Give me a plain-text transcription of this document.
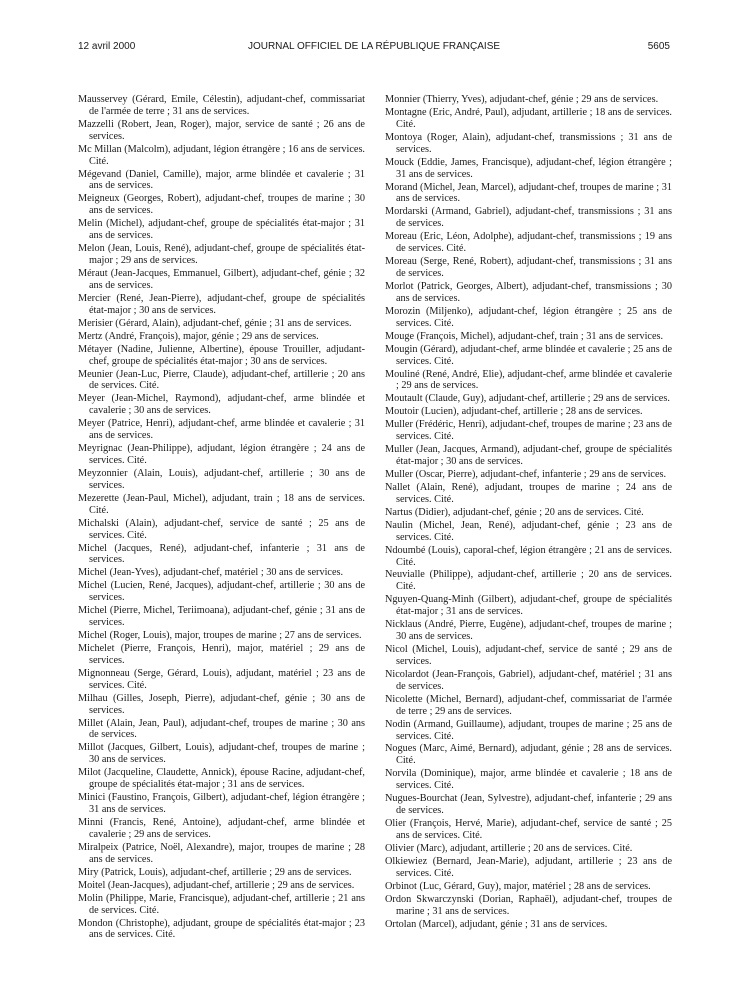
12 avril 2000	JOURNAL OFFICIEL DE LA RÉPUBLIQUE FRANÇAISE	5605

Mausservey (Gérard, Emile, Célestin), adjudant-chef, commissariat de l'armée de terre ; 31 ans de services.

Mazzelli (Robert, Jean, Roger), major, service de santé ; 26 ans de services.

Mc Millan (Malcolm), adjudant, légion étrangère ; 16 ans de services. Cité.

Mégevand (Daniel, Camille), major, arme blindée et cavalerie ; 31 ans de services.

Meigneux (Georges, Robert), adjudant-chef, troupes de marine ; 30 ans de services.

Melin (Michel), adjudant-chef, groupe de spécialités état-major ; 31 ans de services.

Melon (Jean, Louis, René), adjudant-chef, groupe de spécialités état-major ; 29 ans de services.

Méraut (Jean-Jacques, Emmanuel, Gilbert), adjudant-chef, génie ; 32 ans de services.

Mercier (René, Jean-Pierre), adjudant-chef, groupe de spécialités état-major ; 30 ans de services.

Merisier (Gérard, Alain), adjudant-chef, génie ; 31 ans de services.

Mertz (André, François), major, génie ; 29 ans de services.

Métayer (Nadine, Julienne, Albertine), épouse Trouiller, adjudant-chef, groupe de spécialités état-major ; 30 ans de services.

Meunier (Jean-Luc, Pierre, Claude), adjudant-chef, artillerie ; 20 ans de services. Cité.

Meyer (Jean-Michel, Raymond), adjudant-chef, arme blindée et cavalerie ; 30 ans de services.

Meyer (Patrice, Henri), adjudant-chef, arme blindée et cavalerie ; 31 ans de services.

Meyrignac (Jean-Philippe), adjudant, légion étrangère ; 24 ans de services. Cité.

Meyzonnier (Alain, Louis), adjudant-chef, artillerie ; 30 ans de services.

Mezerette (Jean-Paul, Michel), adjudant, train ; 18 ans de services. Cité.

Michalski (Alain), adjudant-chef, service de santé ; 25 ans de services. Cité.

Michel (Jacques, René), adjudant-chef, infanterie ; 31 ans de services.

Michel (Jean-Yves), adjudant-chef, matériel ; 30 ans de services.

Michel (Lucien, René, Jacques), adjudant-chef, artillerie ; 30 ans de services.

Michel (Pierre, Michel, Teriimoana), adjudant-chef, génie ; 31 ans de services.

Michel (Roger, Louis), major, troupes de marine ; 27 ans de services.

Michelet (Pierre, François, Henri), major, matériel ; 29 ans de services.

Mignonneau (Serge, Gérard, Louis), adjudant, matériel ; 23 ans de services. Cité.

Milhau (Gilles, Joseph, Pierre), adjudant-chef, génie ; 30 ans de services.

Millet (Alain, Jean, Paul), adjudant-chef, troupes de marine ; 30 ans de services.

Millot (Jacques, Gilbert, Louis), adjudant-chef, troupes de marine ; 30 ans de services.

Milot (Jacqueline, Claudette, Annick), épouse Racine, adjudant-chef, groupe de spécialités état-major ; 31 ans de services.

Minici (Faustino, François, Gilbert), adjudant-chef, légion étrangère ; 31 ans de services.

Minni (Francis, René, Antoine), adjudant-chef, arme blindée et cavalerie ; 29 ans de services.

Miralpeix (Patrice, Noël, Alexandre), major, troupes de marine ; 28 ans de services.

Miry (Patrick, Louis), adjudant-chef, artillerie ; 29 ans de services.

Moitel (Jean-Jacques), adjudant-chef, artillerie ; 29 ans de services.

Molin (Philippe, Marie, Francisque), adjudant-chef, artillerie ; 21 ans de services. Cité.

Mondon (Christophe), adjudant, groupe de spécialités état-major ; 23 ans de services. Cité.

Monnier (Thierry, Yves), adjudant-chef, génie ; 29 ans de services.

Montagne (Eric, André, Paul), adjudant, artillerie ; 18 ans de services. Cité.

Montoya (Roger, Alain), adjudant-chef, transmissions ; 31 ans de services.

Mouck (Eddie, James, Francisque), adjudant-chef, légion étrangère ; 31 ans de services.

Morand (Michel, Jean, Marcel), adjudant-chef, troupes de marine ; 31 ans de services.

Mordarski (Armand, Gabriel), adjudant-chef, transmissions ; 31 ans de services.

Moreau (Eric, Léon, Adolphe), adjudant-chef, transmissions ; 19 ans de services. Cité.

Moreau (Serge, René, Robert), adjudant-chef, transmissions ; 31 ans de services.

Morlot (Patrick, Georges, Albert), adjudant-chef, transmissions ; 30 ans de services.

Morozin (Miljenko), adjudant-chef, légion étrangère ; 25 ans de services. Cité.

Mouge (François, Michel), adjudant-chef, train ; 31 ans de services.

Mougin (Gérard), adjudant-chef, arme blindée et cavalerie ; 25 ans de services. Cité.

Mouliné (René, André, Elie), adjudant-chef, arme blindée et cavalerie ; 29 ans de services.

Moutault (Claude, Guy), adjudant-chef, artillerie ; 29 ans de services.

Moutoir (Lucien), adjudant-chef, artillerie ; 28 ans de services.

Muller (Frédéric, Henri), adjudant-chef, troupes de marine ; 23 ans de services. Cité.

Muller (Jean, Jacques, Armand), adjudant-chef, groupe de spécialités état-major ; 30 ans de services.

Muller (Oscar, Pierre), adjudant-chef, infanterie ; 29 ans de services.

Nallet (Alain, René), adjudant, troupes de marine ; 24 ans de services. Cité.

Nartus (Didier), adjudant-chef, génie ; 20 ans de services. Cité.

Naulin (Michel, Jean, René), adjudant-chef, génie ; 23 ans de services. Cité.

Ndoumbé (Louis), caporal-chef, légion étrangère ; 21 ans de services. Cité.

Neuvialle (Philippe), adjudant-chef, artillerie ; 20 ans de services. Cité.

Nguyen-Quang-Minh (Gilbert), adjudant-chef, groupe de spécialités état-major ; 31 ans de services.

Nicklaus (André, Pierre, Eugène), adjudant-chef, troupes de marine ; 30 ans de services.

Nicol (Michel, Louis), adjudant-chef, service de santé ; 29 ans de services.

Nicolardot (Jean-François, Gabriel), adjudant-chef, matériel ; 31 ans de services.

Nicolette (Michel, Bernard), adjudant-chef, commissariat de l'armée de terre ; 29 ans de services.

Nodin (Armand, Guillaume), adjudant, troupes de marine ; 25 ans de services. Cité.

Nogues (Marc, Aimé, Bernard), adjudant, génie ; 28 ans de services. Cité.

Norvila (Dominique), major, arme blindée et cavalerie ; 18 ans de services. Cité.

Nugues-Bourchat (Jean, Sylvestre), adjudant-chef, infanterie ; 29 ans de services.

Olier (François, Hervé, Marie), adjudant-chef, service de santé ; 25 ans de services. Cité.

Olivier (Marc), adjudant, artillerie ; 20 ans de services. Cité.

Olkiewiez (Bernard, Jean-Marie), adjudant, artillerie ; 23 ans de services. Cité.

Orbinot (Luc, Gérard, Guy), major, matériel ; 28 ans de services.

Ordon Skwarczynski (Dorian, Raphaël), adjudant-chef, troupes de marine ; 31 ans de services.

Ortolan (Marcel), adjudant, génie ; 31 ans de services.
